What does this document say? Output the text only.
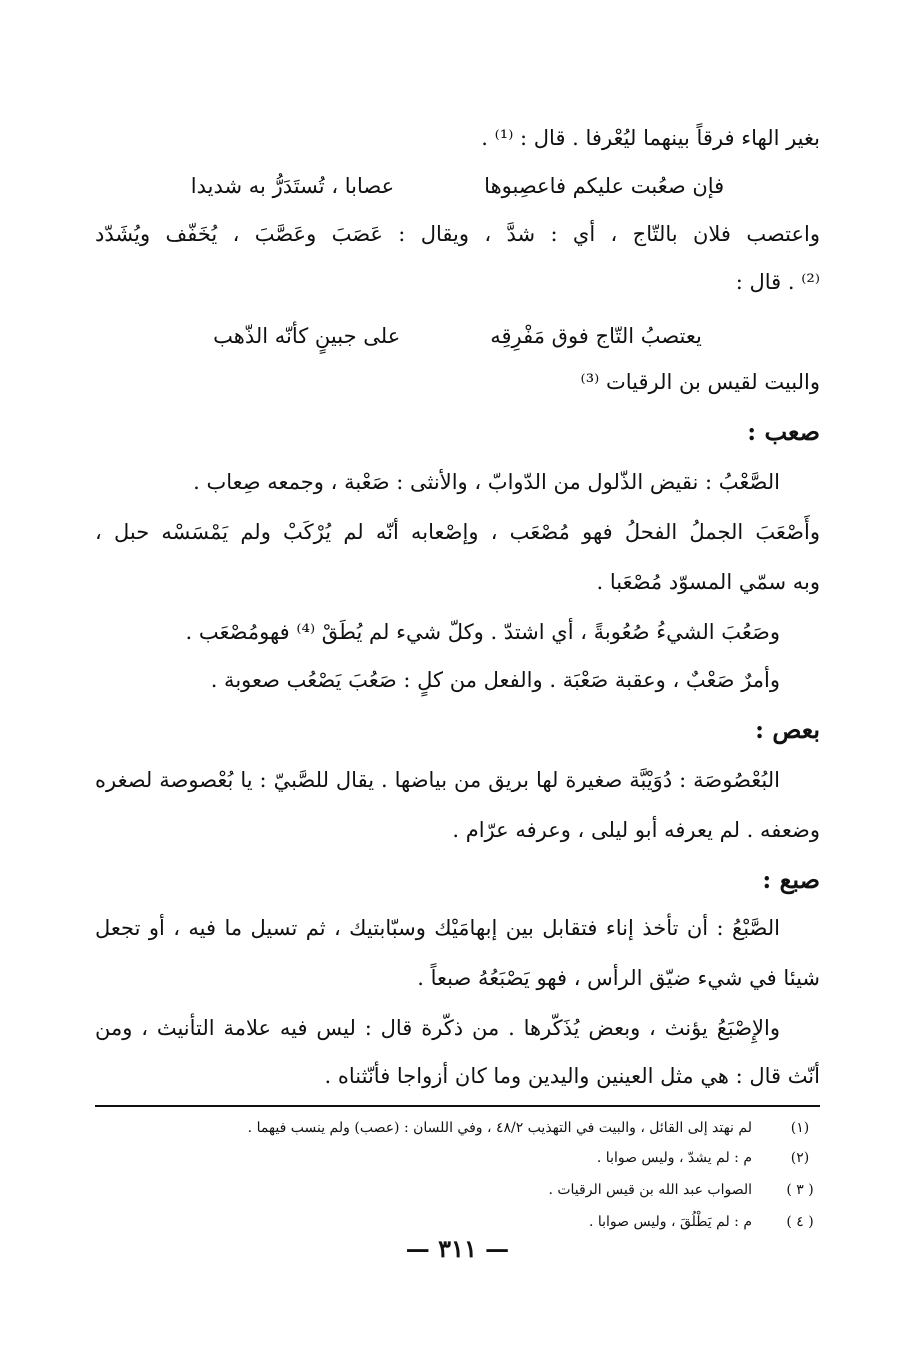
بغير الهاء فرقاً بينهما ليُعْرفا . قال : ⁽¹⁾ .
فإن صعُبت عليكم فاعصِبوها
عصابا ، تُستَدَرُّ به شديدا
واعتصب فلان بالتّاج ، أي : شدَّ ، ويقال : عَصَبَ وعَصَّبَ ، يُخَفّف ويُشَدّد
⁽²⁾ . قال :
يعتصبُ التّاج فوق مَفْرِقِه
على جبينٍ كأنّه الذّهب
والبيت لقيس بن الرقيات ⁽³⁾
صعب :
الصَّعْبُ : نقيض الذّلول من الدّوابّ ، والأنثى : صَعْبة ، وجمعه صِعاب .
وأَصْعَبَ الجملُ الفحلُ فهو مُصْعَب ، وإصْعابه أنّه لم يُرْكَبْ ولم يَمْسَسْه حبل ،
وبه سمّي المسوّد مُصْعَبا .
وصَعُبَ الشيءُ صُعُوبةً ، أي اشتدّ . وكلّ شيء لم يُطَقْ ⁽⁴⁾ فهومُصْعَب .
وأمرٌ صَعْبٌ ، وعقبة صَعْبَة . والفعل من كلٍ : صَعُبَ يَصْعُب صعوبة .
بعص :
البُعْصُوصَة : دُوَيْبَّة صغيرة لها بريق من بياضها . يقال للصَّبيّ : يا بُعْصوصة لصغره
وضعفه . لم يعرفه أبو ليلى ، وعرفه عرّام .
صبع :
الصَّبْعُ : أن تأخذ إناء فتقابل بين إبهامَيْك وسبّابتيك ، ثم تسيل ما فيه ، أو تجعل
شيئا في شيء ضيّق الرأس ، فهو يَصْبَعُهُ صبعاً .
والإِصْبَعُ يؤنث ، وبعض يُذَكّرها . من ذكّرة قال : ليس فيه علامة التأنيث ، ومن
أنّث قال : هي مثل العينين واليدين وما كان أزواجا فأنّثناه .
(١)
لم نهتد إلى القائل ، والبيت في التهذيب ٤٨/٢ ، وفي اللسان : (عصب) ولم ينسب فيهما .
(٢)
م : لم يشدّ ، وليس صوابا .
( ٣ )
الصواب عبد الله بن قيس الرقيات .
( ٤ )
م : لم يَطْلُقَ ، وليس صوابا .
— ٣١١ —
